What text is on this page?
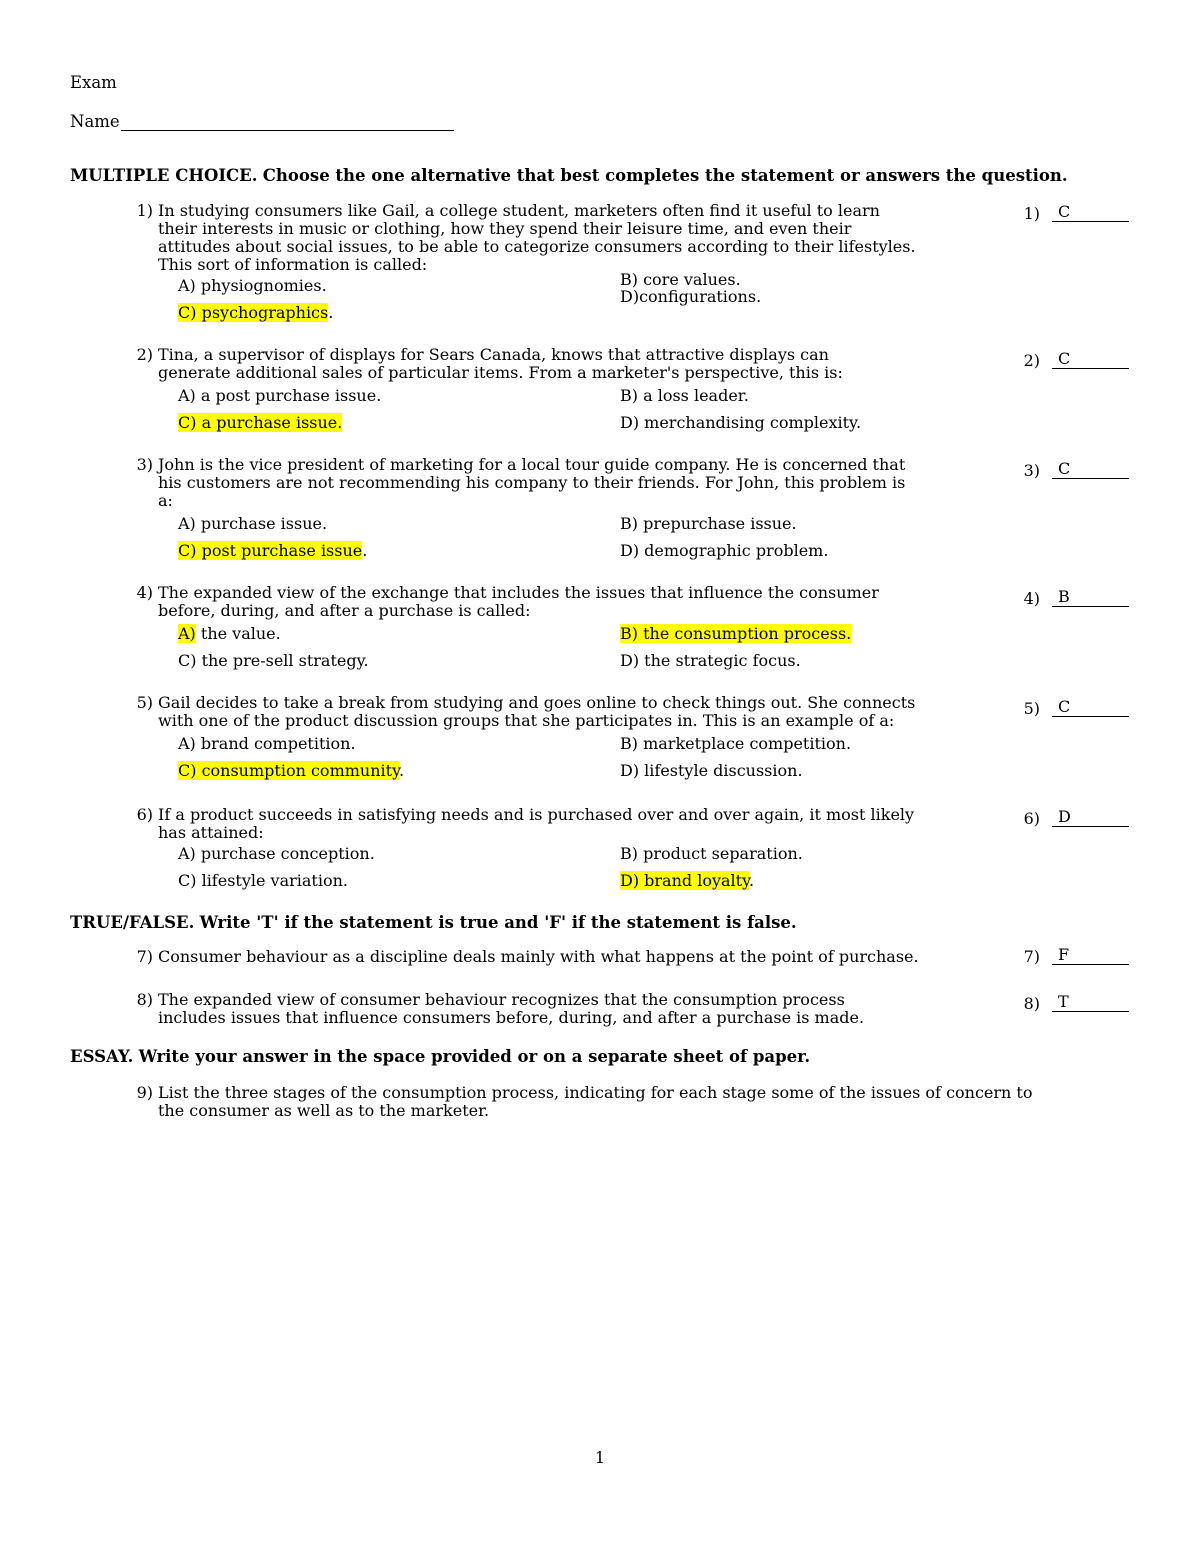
Exam
Name
MULTIPLE CHOICE. Choose the one alternative that best completes the statement or answers the question.
1) In studying consumers like Gail, a college student, marketers often find it useful to learn
their interests in music or clothing, how they spend their leisure time, and even their
attitudes about social issues, to be able to categorize consumers according to their lifestyles.
This sort of information is called:
A) physiognomies.	B) core values.
D)configurations.
C) psychographics.
1)	C
2) Tina, a supervisor of displays for Sears Canada, knows that attractive displays can
generate additional sales of particular items. From a marketer's perspective, this is:
A) a post purchase issue.	B) a loss leader.
C) a purchase issue.	D) merchandising complexity.
2)	C
3) John is the vice president of marketing for a local tour guide company. He is concerned that
his customers are not recommending his company to their friends. For John, this problem is
a:
A) purchase issue.	B) prepurchase issue.
C) post purchase issue.	D) demographic problem.
3)	C
4) The expanded view of the exchange that includes the issues that influence the consumer
before, during, and after a purchase is called:
A) the value.	B) the consumption process.
C) the pre-sell strategy.	D) the strategic focus.
4)	B
5) Gail decides to take a break from studying and goes online to check things out. She connects
with one of the product discussion groups that she participates in. This is an example of a:
A) brand competition.	B) marketplace competition.
C) consumption community.	D) lifestyle discussion.
5)	C
6) If a product succeeds in satisfying needs and is purchased over and over again, it most likely
has attained:
A) purchase conception.	B) product separation.
C) lifestyle variation.	D) brand loyalty.
6)	D
TRUE/FALSE. Write 'T' if the statement is true and 'F' if the statement is false.
7) Consumer behaviour as a discipline deals mainly with what happens at the point of purchase.	7)	F
8) The expanded view of consumer behaviour recognizes that the consumption process
includes issues that influence consumers before, during, and after a purchase is made.
8)	T
ESSAY. Write your answer in the space provided or on a separate sheet of paper.
9) List the three stages of the consumption process, indicating for each stage some of the issues of concern to
the consumer as well as to the marketer.
1
